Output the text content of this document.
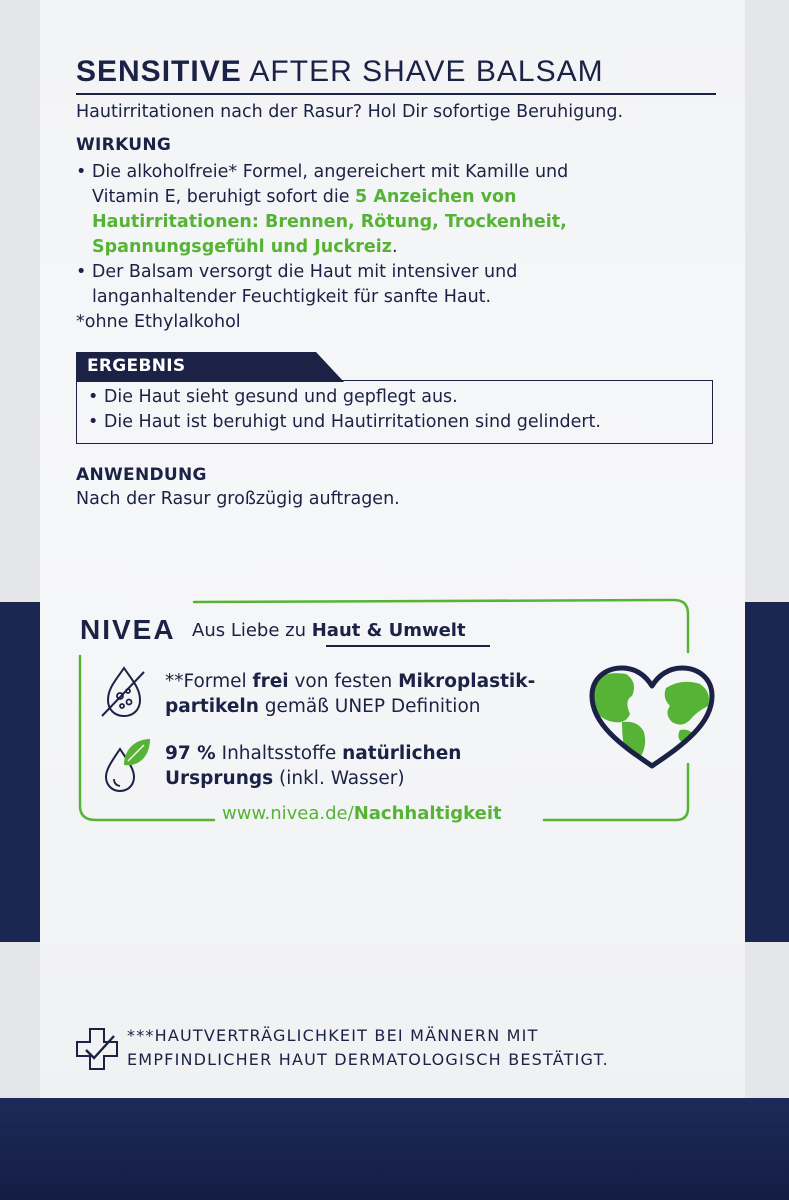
SENSITIVE AFTER SHAVE BALSAM
Hautirritationen nach der Rasur? Hol Dir sofortige Beruhigung.
WIRKUNG
• Die alkoholfreie* Formel, angereichert mit Kamille und
Vitamin E, beruhigt sofort die 5 Anzeichen von
Hautirritationen: Brennen, Rötung, Trockenheit,
Spannungsgefühl und Juckreiz.
• Der Balsam versorgt die Haut mit intensiver und
langanhaltender Feuchtigkeit für sanfte Haut.
*ohne Ethylalkohol
ERGEBNIS
• Die Haut sieht gesund und gepflegt aus.
• Die Haut ist beruhigt und Hautirritationen sind gelindert.
ANWENDUNG
Nach der Rasur großzügig auftragen.
NIVEA Aus Liebe zu Haut & Umwelt
**Formel frei von festen Mikroplastik-
partikeln gemäß UNEP Definition
97 % Inhaltsstoffe natürlichen
Ursprungs (inkl. Wasser)
www.nivea.de/Nachhaltigkeit
***HAUTVERTRÄGLICHKEIT BEI MÄNNERN MIT
EMPFINDLICHER HAUT DERMATOLOGISCH BESTÄTIGT.
